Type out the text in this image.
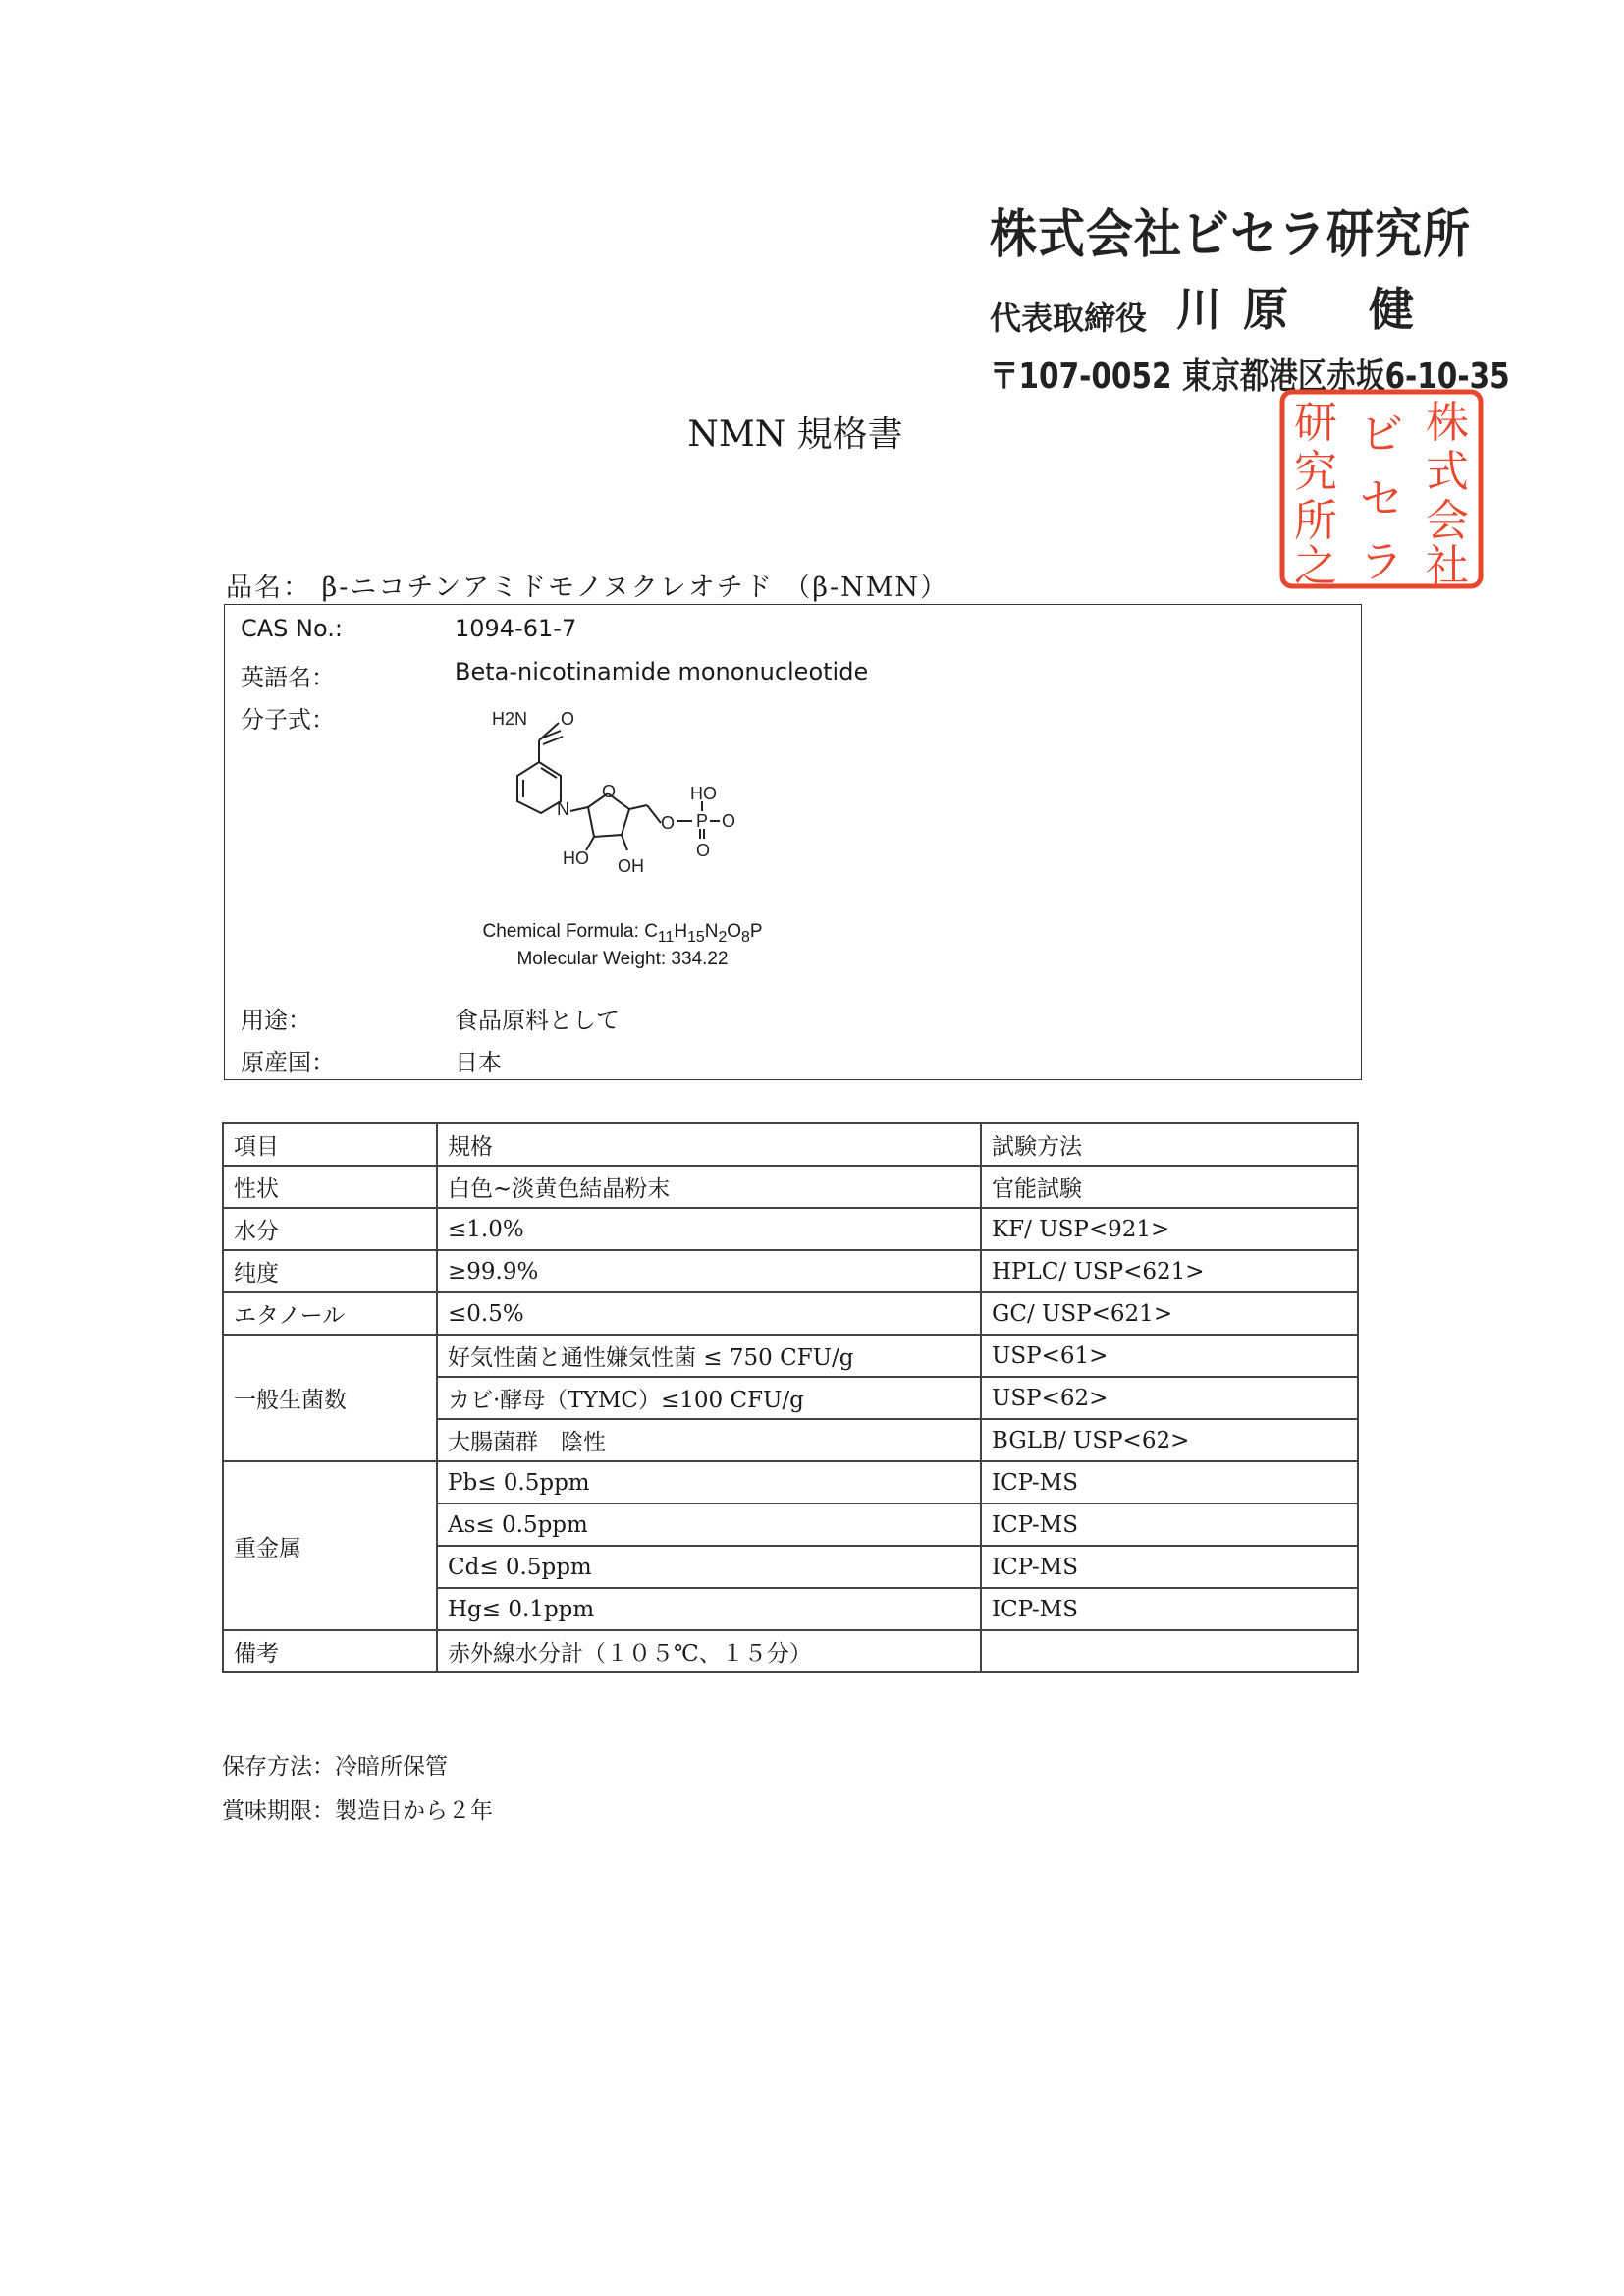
株式会社ビセラ研究所
代表取締役 川 原 健
〒107-0052 東京都港区赤坂6-10-35
株
式
会
社
ビ
セ
ラ
研
究
所
之
NMN 規格書
品名： β-ニコチンアミドモノヌクレオチド （β-NMN）
CAS No.:	1094-61-7
英語名：	Beta-nicotinamide mononucleotide
分子式：	H2N O
N
O	HO
P O
O
O
HO OH
Chemical Formula: $C_{11}H_{15}N_2O_8P$
Molecular Weight: 334.22
用途：	食品原料として
原産国：	日本
項目	規格	試験方法
性状	白色~淡黄色結晶粉末	官能試験
水分	≤1.0%	KF/ USP<921>
纯度	≥99.9%	HPLC/ USP<621>
エタノール	≤0.5%	GC/ USP<621>
一般生菌数	好気性菌と通性嫌気性菌 ≤ 750 CFU/g	USP<61>
	カビ·酵母（TYMC）≤100 CFU/g	USP<62>
	大腸菌群　陰性	BGLB/ USP<62>
重金属	Pb≤ 0.5ppm	ICP-MS
	As≤ 0.5ppm	ICP-MS
	Cd≤ 0.5ppm	ICP-MS
	Hg≤ 0.1ppm	ICP-MS
備考	赤外線水分計（１０５℃、１５分）	
保存方法：冷暗所保管
賞味期限：製造日から２年
